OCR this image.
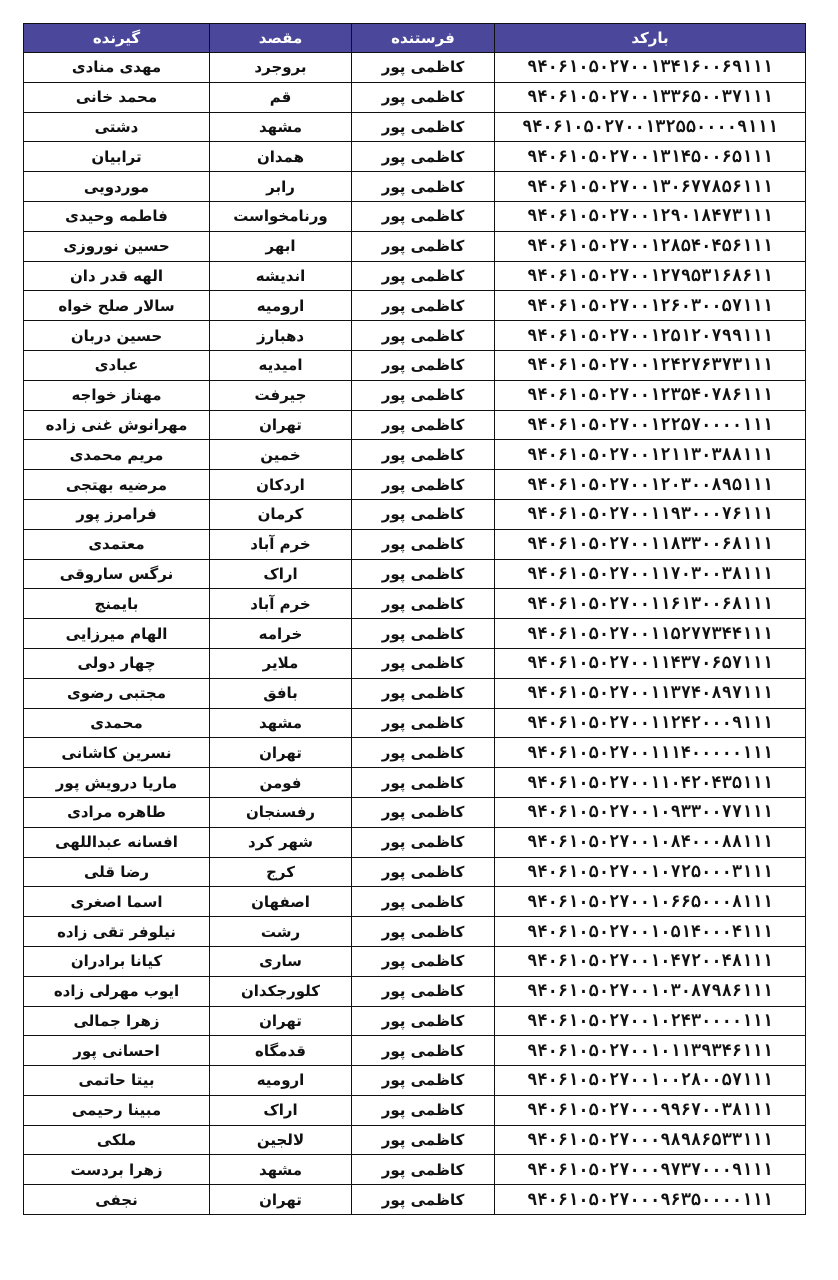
گیرنده	مقصد	فرستنده	بارکد
مهدی منادی	بروجرد	کاظمی پور	۹۴۰۶۱۰۵۰۲۷۰۰۱۳۴۱۶۰۰۶۹۱۱۱
محمد خانی	قم	کاظمی پور	۹۴۰۶۱۰۵۰۲۷۰۰۱۳۳۶۵۰۰۳۷۱۱۱
دشتی	مشهد	کاظمی پور	۹۴۰۶۱۰۵۰۲۷۰۰۱۳۲۵۵۰۰۰۰۹۱۱۱
ترابیان	همدان	کاظمی پور	۹۴۰۶۱۰۵۰۲۷۰۰۱۳۱۴۵۰۰۶۵۱۱۱
موردویی	رابر	کاظمی پور	۹۴۰۶۱۰۵۰۲۷۰۰۱۳۰۶۷۷۸۵۶۱۱۱
فاطمه وحیدی	ورنامخواست	کاظمی پور	۹۴۰۶۱۰۵۰۲۷۰۰۱۲۹۰۱۸۴۷۳۱۱۱
حسین نوروزی	ابهر	کاظمی پور	۹۴۰۶۱۰۵۰۲۷۰۰۱۲۸۵۴۰۴۵۶۱۱۱
الهه قدر دان	اندیشه	کاظمی پور	۹۴۰۶۱۰۵۰۲۷۰۰۱۲۷۹۵۳۱۶۸۶۱۱
سالار صلح خواه	ارومیه	کاظمی پور	۹۴۰۶۱۰۵۰۲۷۰۰۱۲۶۰۳۰۰۵۷۱۱۱
حسین دربان	دهبارز	کاظمی پور	۹۴۰۶۱۰۵۰۲۷۰۰۱۲۵۱۲۰۷۹۹۱۱۱
عبادی	امیدیه	کاظمی پور	۹۴۰۶۱۰۵۰۲۷۰۰۱۲۴۲۷۶۳۷۳۱۱۱
مهناز خواجه	جیرفت	کاظمی پور	۹۴۰۶۱۰۵۰۲۷۰۰۱۲۳۵۴۰۷۸۶۱۱۱
مهرانوش غنی زاده	تهران	کاظمی پور	۹۴۰۶۱۰۵۰۲۷۰۰۱۲۲۵۷۰۰۰۰۱۱۱
مریم محمدی	خمین	کاظمی پور	۹۴۰۶۱۰۵۰۲۷۰۰۱۲۱۱۳۰۳۸۸۱۱۱
مرضیه بهتجی	اردکان	کاظمی پور	۹۴۰۶۱۰۵۰۲۷۰۰۱۲۰۳۰۰۸۹۵۱۱۱
فرامرز پور	کرمان	کاظمی پور	۹۴۰۶۱۰۵۰۲۷۰۰۱۱۹۳۰۰۰۷۶۱۱۱
معتمدی	خرم آباد	کاظمی پور	۹۴۰۶۱۰۵۰۲۷۰۰۱۱۸۳۳۰۰۶۸۱۱۱
نرگس ساروقی	اراک	کاظمی پور	۹۴۰۶۱۰۵۰۲۷۰۰۱۱۷۰۳۰۰۳۸۱۱۱
بایمنج	خرم آباد	کاظمی پور	۹۴۰۶۱۰۵۰۲۷۰۰۱۱۶۱۳۰۰۶۸۱۱۱
الهام میرزایی	خرامه	کاظمی پور	۹۴۰۶۱۰۵۰۲۷۰۰۱۱۵۲۷۷۳۴۴۱۱۱
چهار دولی	ملایر	کاظمی پور	۹۴۰۶۱۰۵۰۲۷۰۰۱۱۴۳۷۰۶۵۷۱۱۱
مجتبی رضوی	بافق	کاظمی پور	۹۴۰۶۱۰۵۰۲۷۰۰۱۱۳۷۴۰۸۹۷۱۱۱
محمدی	مشهد	کاظمی پور	۹۴۰۶۱۰۵۰۲۷۰۰۱۱۲۴۲۰۰۰۹۱۱۱
نسرین کاشانی	تهران	کاظمی پور	۹۴۰۶۱۰۵۰۲۷۰۰۱۱۱۴۰۰۰۰۰۱۱۱
ماریا درویش پور	فومن	کاظمی پور	۹۴۰۶۱۰۵۰۲۷۰۰۱۱۰۴۲۰۴۳۵۱۱۱
طاهره مرادی	رفسنجان	کاظمی پور	۹۴۰۶۱۰۵۰۲۷۰۰۱۰۹۳۳۰۰۷۷۱۱۱
افسانه عبداللهی	شهر کرد	کاظمی پور	۹۴۰۶۱۰۵۰۲۷۰۰۱۰۸۴۰۰۰۸۸۱۱۱
رضا قلی	کرج	کاظمی پور	۹۴۰۶۱۰۵۰۲۷۰۰۱۰۷۲۵۰۰۰۳۱۱۱
اسما اصغری	اصفهان	کاظمی پور	۹۴۰۶۱۰۵۰۲۷۰۰۱۰۶۶۵۰۰۰۸۱۱۱
نیلوفر تقی زاده	رشت	کاظمی پور	۹۴۰۶۱۰۵۰۲۷۰۰۱۰۵۱۴۰۰۰۴۱۱۱
کیانا برادران	ساری	کاظمی پور	۹۴۰۶۱۰۵۰۲۷۰۰۱۰۴۷۲۰۰۴۸۱۱۱
ایوب مهرلی زاده	کلورجکدان	کاظمی پور	۹۴۰۶۱۰۵۰۲۷۰۰۱۰۳۰۸۷۹۸۶۱۱۱
زهرا جمالی	تهران	کاظمی پور	۹۴۰۶۱۰۵۰۲۷۰۰۱۰۲۴۳۰۰۰۰۱۱۱
احسانی پور	قدمگاه	کاظمی پور	۹۴۰۶۱۰۵۰۲۷۰۰۱۰۱۱۳۹۳۴۶۱۱۱
بیتا حاتمی	ارومیه	کاظمی پور	۹۴۰۶۱۰۵۰۲۷۰۰۱۰۰۲۸۰۰۵۷۱۱۱
مبینا رحیمی	اراک	کاظمی پور	۹۴۰۶۱۰۵۰۲۷۰۰۰۹۹۶۷۰۰۳۸۱۱۱
ملکی	لالجین	کاظمی پور	۹۴۰۶۱۰۵۰۲۷۰۰۰۹۸۹۸۶۵۳۳۱۱۱
زهرا بردست	مشهد	کاظمی پور	۹۴۰۶۱۰۵۰۲۷۰۰۰۹۷۳۷۰۰۰۹۱۱۱
نجفی	تهران	کاظمی پور	۹۴۰۶۱۰۵۰۲۷۰۰۰۹۶۳۵۰۰۰۰۱۱۱
